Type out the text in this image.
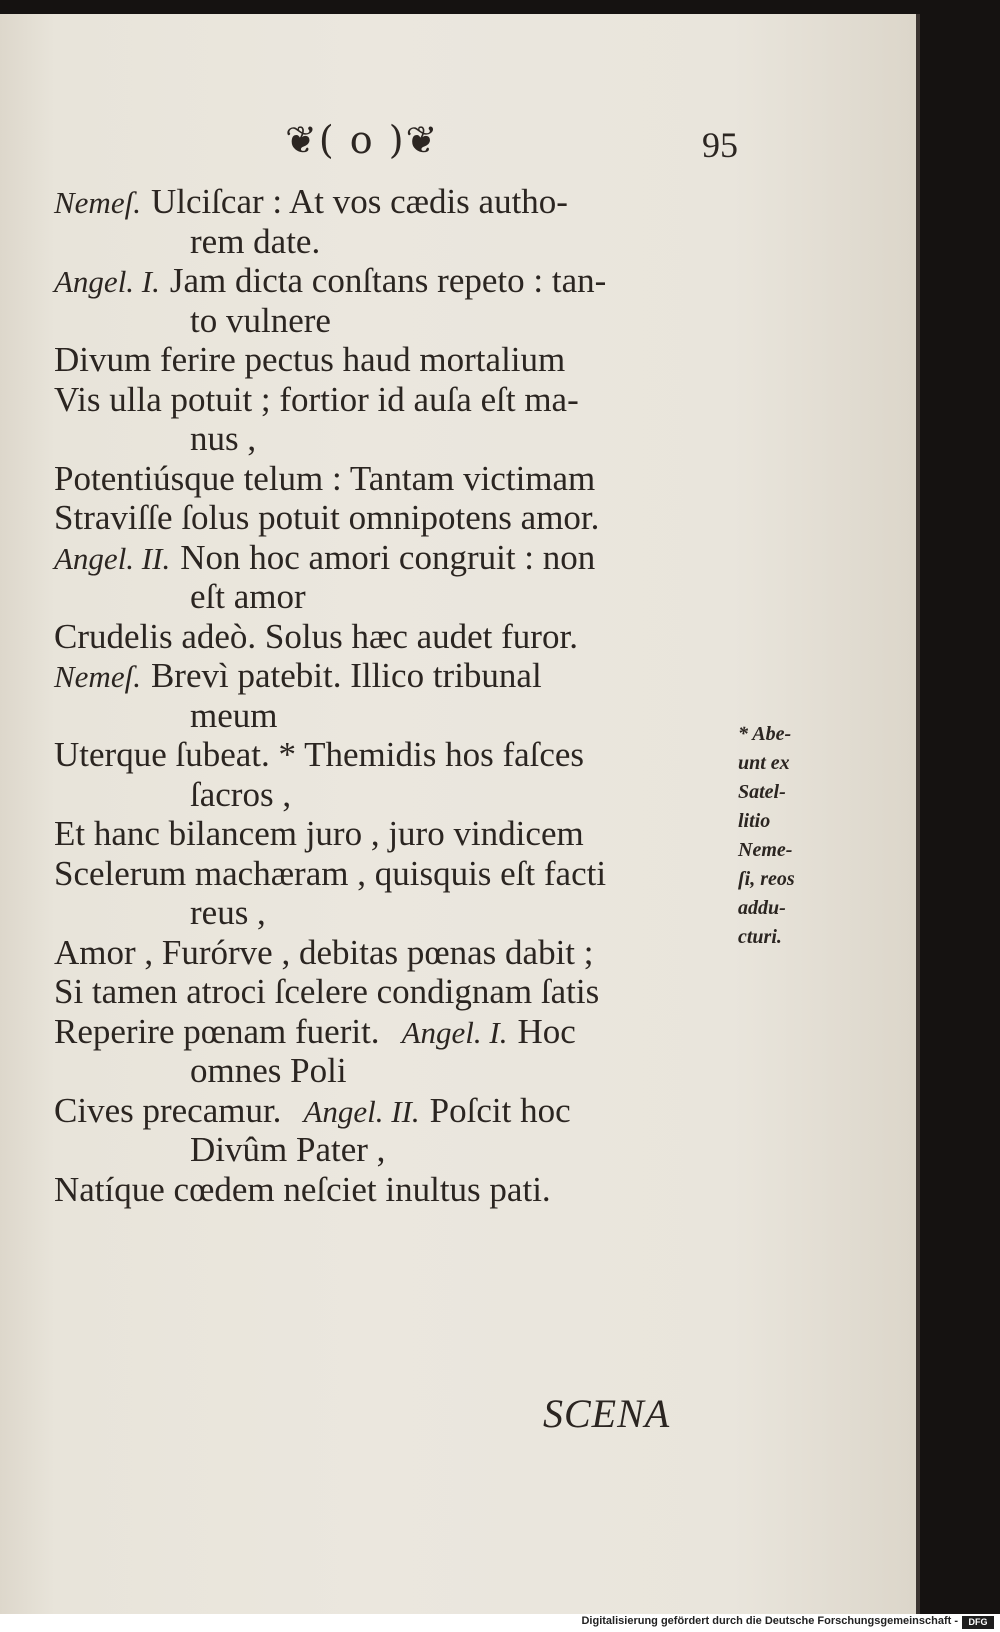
❦( o )❦	95
Nemeſ. Ulciſcar : At vos cædis autho-
rem date.
Angel. I. Jam dicta conſtans repeto : tan-
to vulnere
Divum ferire pectus haud mortalium
Vis ulla potuit ; fortior id auſa eſt ma-
nus ,
Potentiúsque telum : Tantam victimam
Straviſſe ſolus potuit omnipotens amor.
Angel. II. Non hoc amori congruit : non
eſt amor
Crudelis adeò. Solus hæc audet furor.
Nemeſ. Brevì patebit. Illico tribunal
meum
Uterque ſubeat. * Themidis hos faſces
ſacros ,
Et hanc bilancem juro , juro vindicem
Scelerum machæram , quisquis eſt facti
reus ,
Amor , Furórve , debitas pœnas dabit ;
Si tamen atroci ſcelere condignam ſatis
Reperire pœnam fuerit. Angel. I. Hoc
omnes Poli
Cives precamur. Angel. II. Poſcit hoc
Divûm Pater ,
Natíque cœdem neſciet inultus pati.
* Abe-
unt ex
Satel-
litio
Neme-
ſi, reos
addu-
cturi.
SCENA
Digitalisierung gefördert durch die Deutsche Forschungsgemeinschaft -	DFG
